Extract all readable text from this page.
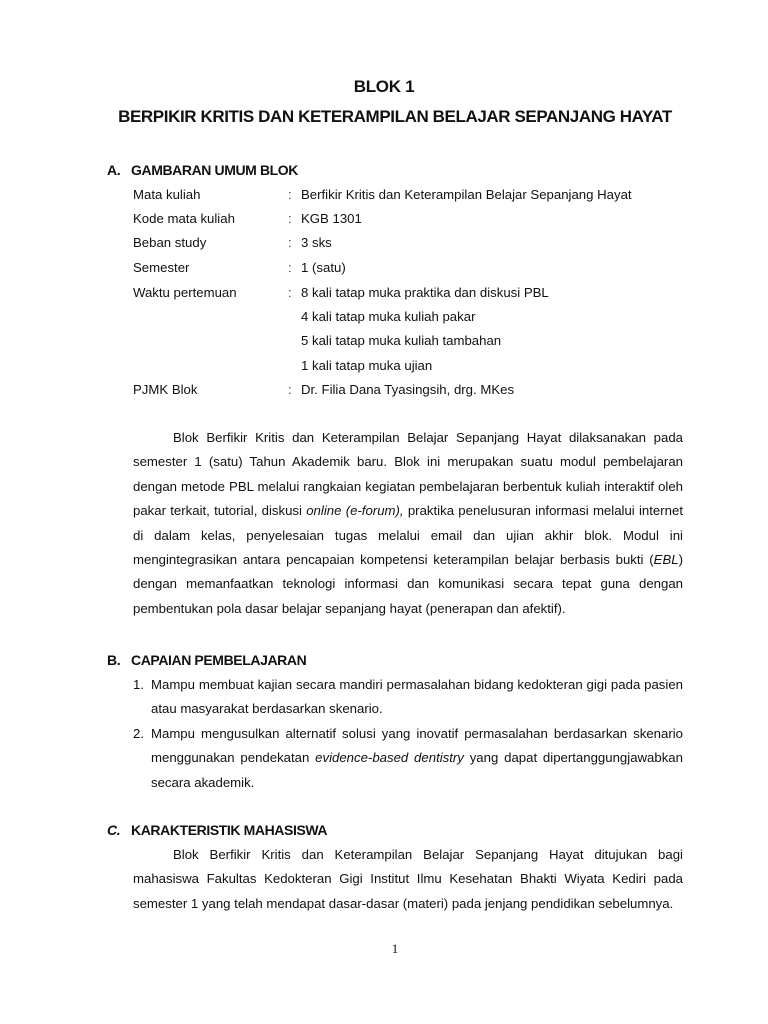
BLOK 1
BERPIKIR KRITIS DAN KETERAMPILAN BELAJAR SEPANJANG HAYAT
A. GAMBARAN UMUM BLOK
Mata kuliah	: Berfikir Kritis dan Keterampilan Belajar Sepanjang Hayat
Kode mata kuliah	: KGB 1301
Beban study	: 3 sks
Semester	: 1 (satu)
Waktu pertemuan	: 8 kali tatap muka praktika dan diskusi PBL
4 kali tatap muka kuliah pakar
5 kali tatap muka kuliah tambahan
1 kali tatap muka ujian
PJMK Blok	: Dr. Filia Dana Tyasingsih, drg. MKes
Blok Berfikir Kritis dan Keterampilan Belajar Sepanjang Hayat dilaksanakan pada semester 1 (satu) Tahun Akademik baru. Blok ini merupakan suatu modul pembelajaran dengan metode PBL melalui rangkaian kegiatan pembelajaran berbentuk kuliah interaktif oleh pakar terkait, tutorial, diskusi online (e-forum), praktika penelusuran informasi melalui internet di dalam kelas, penyelesaian tugas melalui email dan ujian akhir blok. Modul ini mengintegrasikan antara pencapaian kompetensi keterampilan belajar berbasis bukti (EBL) dengan memanfaatkan teknologi informasi dan komunikasi secara tepat guna dengan pembentukan pola dasar belajar sepanjang hayat (penerapan dan afektif).
B. CAPAIAN PEMBELAJARAN
1. Mampu membuat kajian secara mandiri permasalahan bidang kedokteran gigi pada pasien atau masyarakat berdasarkan skenario.
2. Mampu mengusulkan alternatif solusi yang inovatif permasalahan berdasarkan skenario menggunakan pendekatan evidence-based dentistry yang dapat dipertanggungjawabkan secara akademik.
C. KARAKTERISTIK MAHASISWA
Blok Berfikir Kritis dan Keterampilan Belajar Sepanjang Hayat ditujukan bagi mahasiswa Fakultas Kedokteran Gigi Institut Ilmu Kesehatan Bhakti Wiyata Kediri pada semester 1 yang telah mendapat dasar-dasar (materi) pada jenjang pendidikan sebelumnya.
1
